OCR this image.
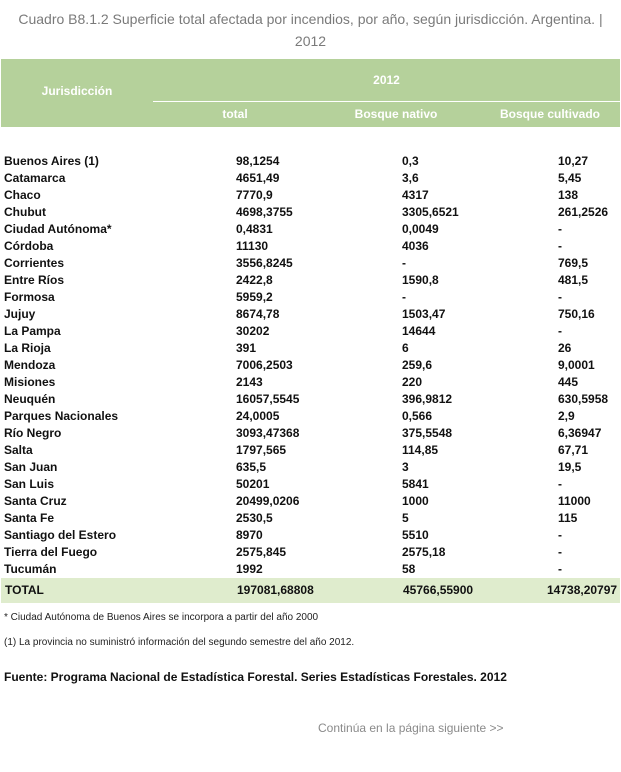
Cuadro B8.1.2 Superficie total afectada por incendios, por año, según jurisdicción. Argentina. | 2012
Jurisdicción
2012
total	Bosque nativo	Bosque cultivado
Buenos Aires (1)	98,1254	0,3	10,27
Catamarca	4651,49	3,6	5,45
Chaco	7770,9	4317	138
Chubut	4698,3755	3305,6521	261,2526
Ciudad Autónoma*	0,4831	0,0049	-
Córdoba	11130	4036	-
Corrientes	3556,8245	-	769,5
Entre Ríos	2422,8	1590,8	481,5
Formosa	5959,2	-	-
Jujuy	8674,78	1503,47	750,16
La Pampa	30202	14644	-
La Rioja	391	6	26
Mendoza	7006,2503	259,6	9,0001
Misiones	2143	220	445
Neuquén	16057,5545	396,9812	630,5958
Parques Nacionales	24,0005	0,566	2,9
Río Negro	3093,47368	375,5548	6,36947
Salta	1797,565	114,85	67,71
San Juan	635,5	3	19,5
San Luis	50201	5841	-
Santa Cruz	20499,0206	1000	11000
Santa Fe	2530,5	5	115
Santiago del Estero	8970	5510	-
Tierra del Fuego	2575,845	2575,18	-
Tucumán	1992	58	-
TOTAL	197081,68808	45766,55900	14738,20797
* Ciudad Autónoma de Buenos Aires se incorpora a partir del año 2000
(1) La provincia no suministró información del segundo semestre del año 2012.
Fuente: Programa Nacional de Estadística Forestal. Series Estadísticas Forestales. 2012
Continúa en la página siguiente >>
